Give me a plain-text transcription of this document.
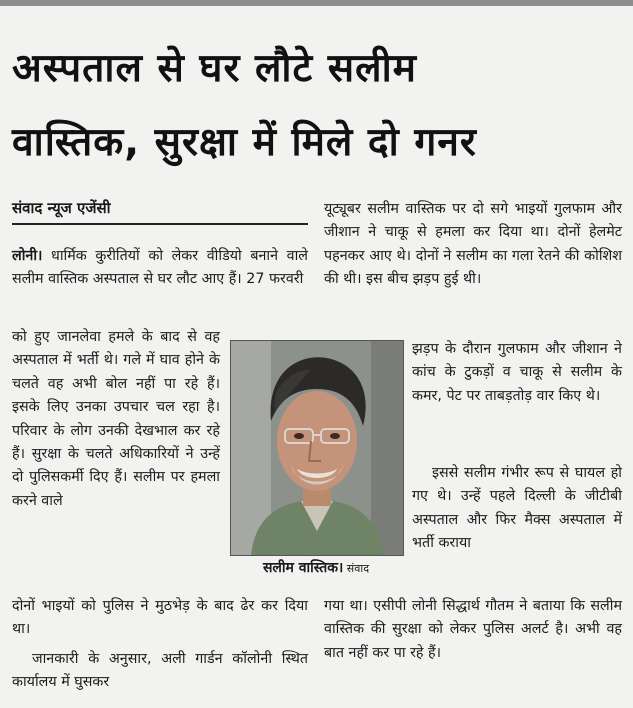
अस्पताल से घर लौटे सलीम
वास्तिक, सुरक्षा में मिले दो गनर
संवाद न्यूज एजेंसी

लोनी। धार्मिक कुरीतियों को लेकर वीडियो बनाने वाले सलीम वास्तिक अस्पताल से घर लौट आए हैं। 27 फरवरी

को हुए जानलेवा हमले के बाद से वह अस्पताल में भर्ती थे। गले में घाव होने के चलते वह अभी बोल नहीं पा रहे हैं। इसके लिए उनका उपचार चल रहा है। परिवार के लोग उनकी देखभाल कर रहे हैं। सुरक्षा के चलते अधिकारियों ने उन्हें दो पुलिसकर्मी दिए हैं। सलीम पर हमला करने वाले

दोनों भाइयों को पुलिस ने मुठभेड़ के बाद ढेर कर दिया था।

जानकारी के अनुसार, अली गार्डन कॉलोनी स्थित कार्यालय में घुसकर

यूट्यूबर सलीम वास्तिक पर दो सगे भाइयों गुलफाम और जीशान ने चाकू से हमला कर दिया था। दोनों हेलमेट पहनकर आए थे। दोनों ने सलीम का गला रेतने की कोशिश की थी। इस बीच झड़प हुई थी।

झड़प के दौरान गुलफाम और जीशान ने कांच के टुकड़ों व चाकू से सलीम के कमर, पेट पर ताबड़तोड़ वार किए थे।

इससे सलीम गंभीर रूप से घायल हो गए थे। उन्हें पहले दिल्ली के जीटीबी अस्पताल और फिर मैक्स अस्पताल में भर्ती कराया

गया था। एसीपी लोनी सिद्धार्थ गौतम ने बताया कि सलीम वास्तिक की सुरक्षा को लेकर पुलिस अलर्ट है। अभी वह बात नहीं कर पा रहे हैं।

सलीम वास्तिक। संवाद
